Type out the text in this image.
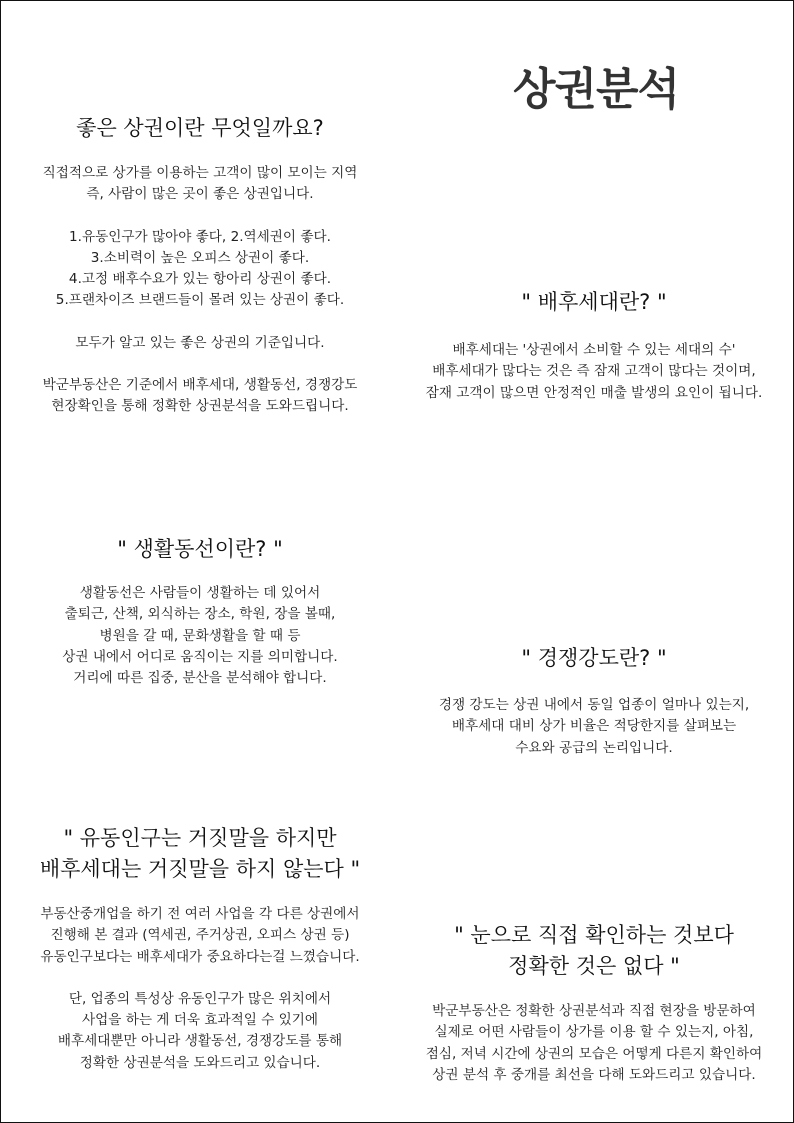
상권분석
좋은 상권이란 무엇일까요?
직접적으로 상가를 이용하는 고객이 많이 모이는 지역
즉, 사람이 많은 곳이 좋은 상권입니다.
1.유동인구가 많아야 좋다, 2.역세권이 좋다.
3.소비력이 높은 오피스 상권이 좋다.
4.고정 배후수요가 있는 항아리 상권이 좋다.
5.프랜차이즈 브랜드들이 몰려 있는 상권이 좋다.
모두가 알고 있는 좋은 상권의 기준입니다.
박군부동산은 기준에서 배후세대, 생활동선, 경쟁강도
현장확인을 통해 정확한 상권분석을 도와드립니다.
" 배후세대란? "
배후세대는 '상권에서 소비할 수 있는 세대의 수'
배후세대가 많다는 것은 즉 잠재 고객이 많다는 것이며,
잠재 고객이 많으면 안정적인 매출 발생의 요인이 됩니다.
" 생활동선이란? "
생활동선은 사람들이 생활하는 데 있어서
출퇴근, 산책, 외식하는 장소, 학원, 장을 볼때,
병원을 갈 때, 문화생활을 할 때 등
상권 내에서 어디로 움직이는 지를 의미합니다.
거리에 따른 집중, 분산을 분석해야 합니다.
" 경쟁강도란? "
경쟁 강도는 상권 내에서 동일 업종이 얼마나 있는지,
배후세대 대비 상가 비율은 적당한지를 살펴보는
수요와 공급의 논리입니다.
" 유동인구는 거짓말을 하지만
배후세대는 거짓말을 하지 않는다 "
부동산중개업을 하기 전 여러 사업을 각 다른 상권에서
진행해 본 결과 (역세권, 주거상권, 오피스 상권 등)
유동인구보다는 배후세대가 중요하다는걸 느꼈습니다.
단, 업종의 특성상 유동인구가 많은 위치에서
사업을 하는 게 더욱 효과적일 수 있기에
배후세대뿐만 아니라 생활동선, 경쟁강도를 통해
정확한 상권분석을 도와드리고 있습니다.
" 눈으로 직접 확인하는 것보다
정확한 것은 없다 "
박군부동산은 정확한 상권분석과 직접 현장을 방문하여
실제로 어떤 사람들이 상가를 이용 할 수 있는지, 아침,
점심, 저녁 시간에 상권의 모습은 어떻게 다른지 확인하여
상권 분석 후 중개를 최선을 다해 도와드리고 있습니다.
